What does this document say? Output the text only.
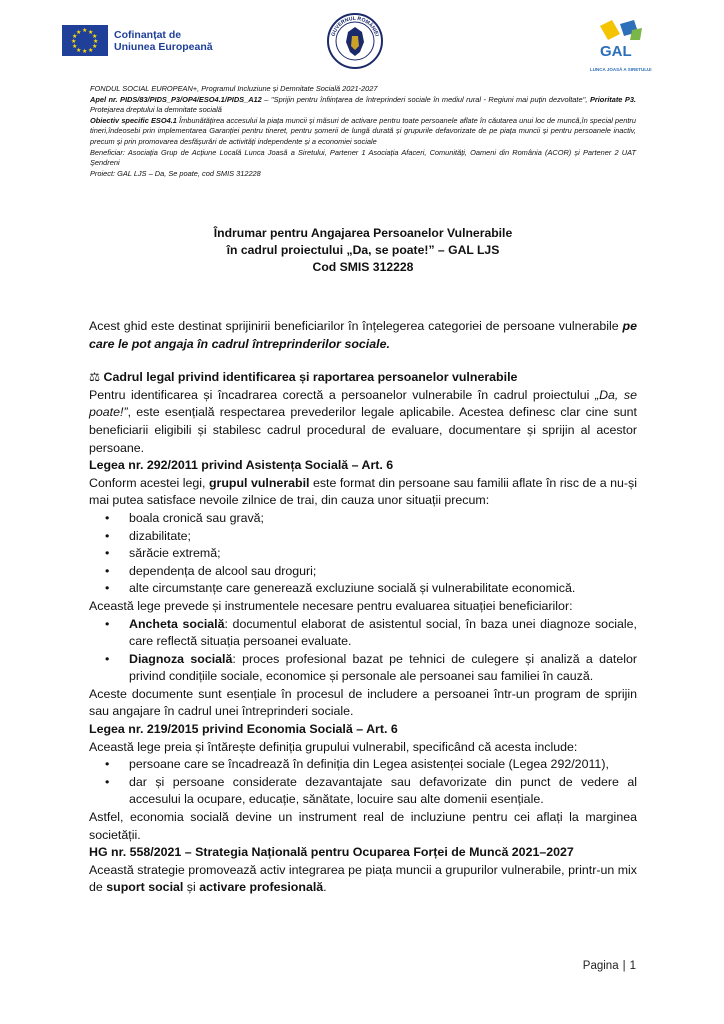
★ ★
★
★
★
★
★
★
★
★
★
★	Cofinanțat de
Uniunea Europeană
GUVERNUL ROMÂNIEI
GAL
LUNCA JOASĂ A SIRETULUI

FONDUL SOCIAL EUROPEAN+, Programul Incluziune și Demnitate Socială 2021-2027

Apel nr. PIDS/83/PIDS_P3/OP4/ESO4.1/PIDS_A12 – ''Sprijin pentru înființarea de întreprinderi sociale în mediul rural - Regiuni mai puțin dezvoltate'', Prioritate P3. Protejarea dreptului la demnitate socială

Obiectiv specific ESO4.1 Îmbunătățirea accesului la piața muncii și măsuri de activare pentru toate persoanele aflate în căutarea unui loc de muncă,în special pentru tineri,îndeosebi prin implementarea Garanției pentru tineret, pentru șomerii de lungă durată și grupurile defavorizate de pe piața muncii și pentru persoanele inactiv, precum și prin promovarea desfășurări de activități independente și a economiei sociale

Beneficiar: Asociația Grup de Acțiune Locală Lunca Joasă a Siretului, Partener 1 Asociația Afaceri, Comunități, Oameni din România (ACOR) și Partener 2 UAT Șendreni

Proiect: GAL LJS – Da, Se poate, cod SMIS 312228

Îndrumar pentru Angajarea Persoanelor Vulnerabile
în cadrul proiectului „Da, se poate!” – GAL LJS
Cod SMIS 312228

Acest ghid este destinat sprijinirii beneficiarilor în înțelegerea categoriei de persoane vulnerabile pe care le pot angaja în cadrul întreprinderilor sociale.

⚖ Cadrul legal privind identificarea și raportarea persoanelor vulnerabile

Pentru identificarea și încadrarea corectă a persoanelor vulnerabile în cadrul proiectului „Da, se poate!”, este esențială respectarea prevederilor legale aplicabile. Acestea definesc clar cine sunt beneficiarii eligibili și stabilesc cadrul procedural de evaluare, documentare și sprijin al acestor persoane.

Legea nr. 292/2011 privind Asistența Socială – Art. 6

Conform acestei legi, grupul vulnerabil este format din persoane sau familii aflate în risc de a nu-și mai putea satisface nevoile zilnice de trai, din cauza unor situații precum:

• boala cronică sau gravă;
• dizabilitate;
• sărăcie extremă;
• dependența de alcool sau droguri;
• alte circumstanțe care generează excluziune socială și vulnerabilitate economică.

Această lege prevede și instrumentele necesare pentru evaluarea situației beneficiarilor:

• Ancheta socială: documentul elaborat de asistentul social, în baza unei diagnoze sociale, care reflectă situația persoanei evaluate.
• Diagnoza socială: proces profesional bazat pe tehnici de culegere și analiză a datelor privind condițiile sociale, economice și personale ale persoanei sau familiei în cauză.

Aceste documente sunt esențiale în procesul de includere a persoanei într-un program de sprijin sau angajare în cadrul unei întreprinderi sociale.

Legea nr. 219/2015 privind Economia Socială – Art. 6

Această lege preia și întărește definiția grupului vulnerabil, specificând că acesta include:

• persoane care se încadrează în definiția din Legea asistenței sociale (Legea 292/2011),
• dar și persoane considerate dezavantajate sau defavorizate din punct de vedere al accesului la ocupare, educație, sănătate, locuire sau alte domenii esențiale.

Astfel, economia socială devine un instrument real de incluziune pentru cei aflați la marginea societății.

HG nr. 558/2021 – Strategia Națională pentru Ocuparea Forței de Muncă 2021–2027

Această strategie promovează activ integrarea pe piața muncii a grupurilor vulnerabile, printr-un mix de suport social și activare profesională.

Pagina | 1
